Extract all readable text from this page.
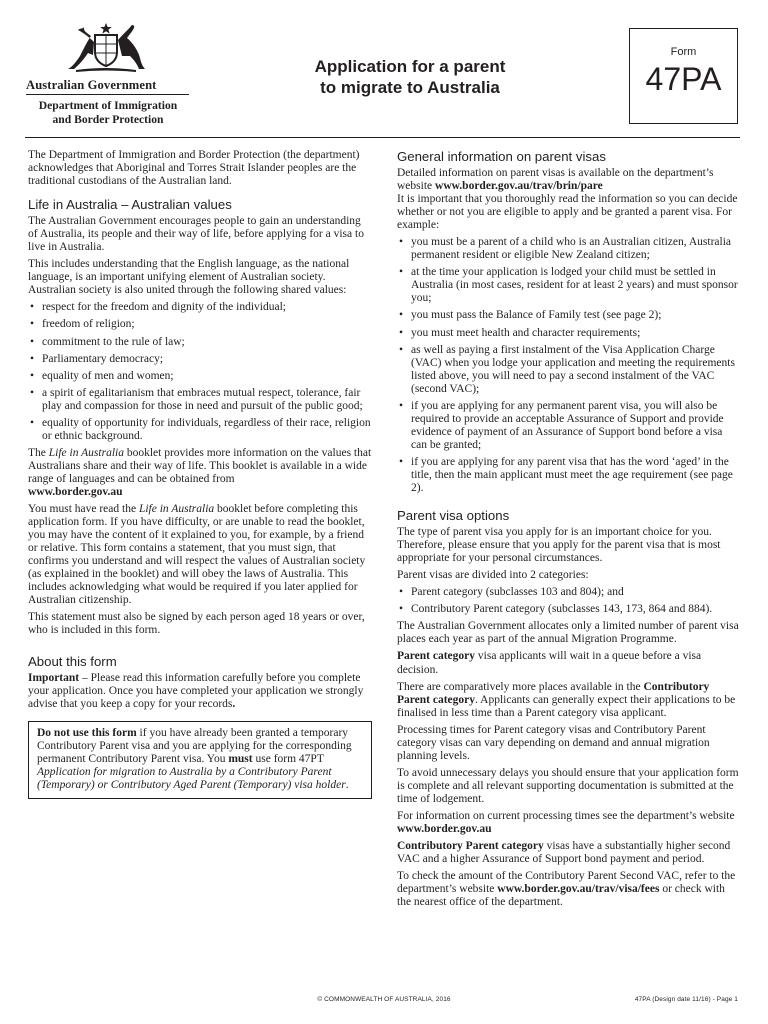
Australian Government
Department of Immigration
and Border Protection
Application for a parent
to migrate to Australia
Form
47PA

The Department of Immigration and Border Protection (the department) acknowledges that Aboriginal and Torres Strait Islander peoples are the traditional custodians of the Australian land.

Life in Australia – Australian values

The Australian Government encourages people to gain an understanding of Australia, its people and their way of life, before applying for a visa to live in Australia.

This includes understanding that the English language, as the national language, is an important unifying element of Australian society. Australian society is also united through the following shared values:

• respect for the freedom and dignity of the individual;
• freedom of religion;
• commitment to the rule of law;
• Parliamentary democracy;
• equality of men and women;
• a spirit of egalitarianism that embraces mutual respect, tolerance, fair play and compassion for those in need and pursuit of the public good;
• equality of opportunity for individuals, regardless of their race, religion or ethnic background.

The Life in Australia booklet provides more information on the values that Australians share and their way of life. This booklet is available in a wide range of languages and can be obtained from
www.border.gov.au

You must have read the Life in Australia booklet before completing this application form. If you have difficulty, or are unable to read the booklet, you may have the content of it explained to you, for example, by a friend or relative. This form contains a statement, that you must sign, that confirms you understand and will respect the values of Australian society (as explained in the booklet) and will obey the laws of Australia. This includes acknowledging what would be required if you later applied for Australian citizenship.

This statement must also be signed by each person aged 18 years or over, who is included in this form.

About this form

Important – Please read this information carefully before you complete your application. Once you have completed your application we strongly advise that you keep a copy for your records.

Do not use this form if you have already been granted a temporary Contributory Parent visa and you are applying for the corresponding permanent Contributory Parent visa. You must use form 47PT Application for migration to Australia by a Contributory Parent (Temporary) or Contributory Aged Parent (Temporary) visa holder.

General information on parent visas

Detailed information on parent visas is available on the department’s website www.border.gov.au/trav/brin/pare
It is important that you thoroughly read the information so you can decide whether or not you are eligible to apply and be granted a parent visa. For example:

• you must be a parent of a child who is an Australian citizen, Australia permanent resident or eligible New Zealand citizen;
• at the time your application is lodged your child must be settled in Australia (in most cases, resident for at least 2 years) and must sponsor you;
• you must pass the Balance of Family test (see page 2);
• you must meet health and character requirements;
• as well as paying a first instalment of the Visa Application Charge (VAC) when you lodge your application and meeting the requirements listed above, you will need to pay a second instalment of the VAC (second VAC);
• if you are applying for any permanent parent visa, you will also be required to provide an acceptable Assurance of Support and provide evidence of payment of an Assurance of Support bond before a visa can be granted;
• if you are applying for any parent visa that has the word ‘aged’ in the title, then the main applicant must meet the age requirement (see page 2).
Parent visa options

The type of parent visa you apply for is an important choice for you. Therefore, please ensure that you apply for the parent visa that is most appropriate for your personal circumstances.

Parent visas are divided into 2 categories:

• Parent category (subclasses 103 and 804); and
• Contributory Parent category (subclasses 143, 173, 864 and 884).

The Australian Government allocates only a limited number of parent visa places each year as part of the annual Migration Programme.

Parent category visa applicants will wait in a queue before a visa decision.

There are comparatively more places available in the Contributory Parent category. Applicants can generally expect their applications to be finalised in less time than a Parent category visa applicant.

Processing times for Parent category visas and Contributory Parent category visas can vary depending on demand and annual migration planning levels.

To avoid unnecessary delays you should ensure that your application form is complete and all relevant supporting documentation is submitted at the time of lodgement.

For information on current processing times see the department’s website www.border.gov.au

Contributory Parent category visas have a substantially higher second VAC and a higher Assurance of Support bond payment and period.

To check the amount of the Contributory Parent Second VAC, refer to the department’s website www.border.gov.au/trav/visa/fees or check with the nearest office of the department.

© COMMONWEALTH OF AUSTRALIA, 2016	47PA (Design date 11/16) - Page 1
